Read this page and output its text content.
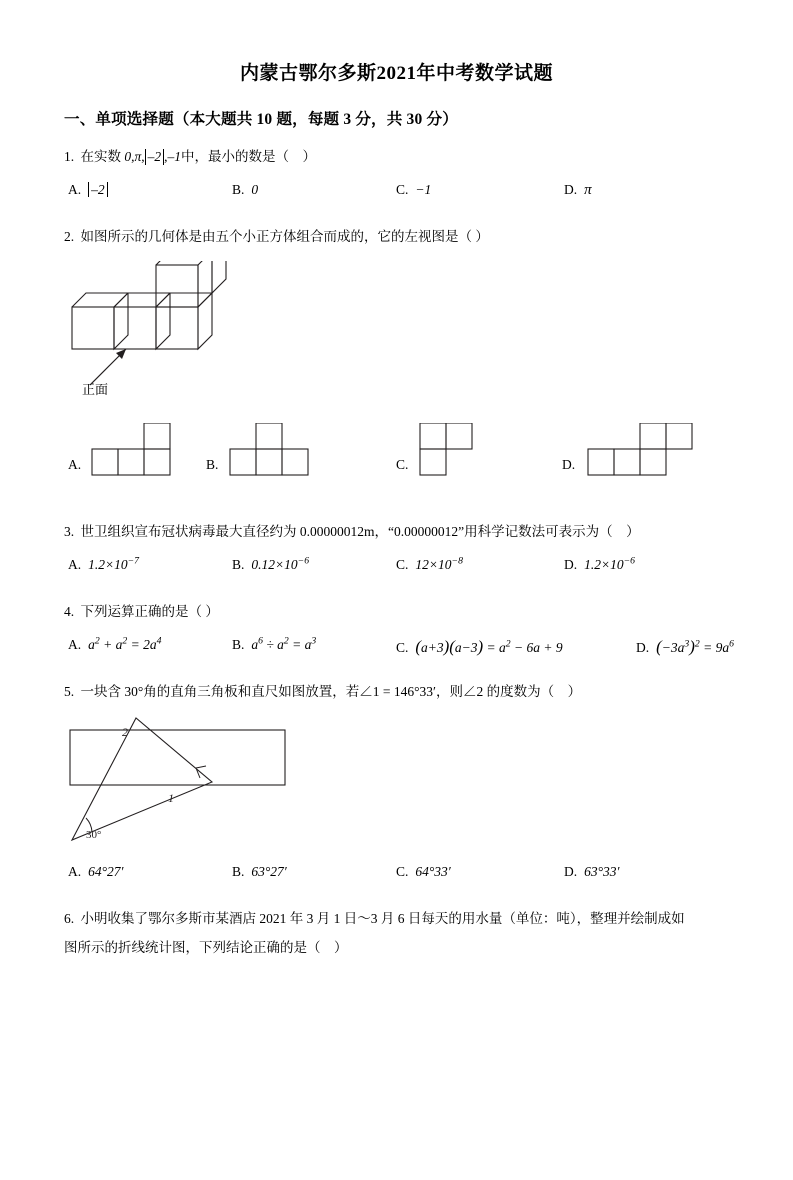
内蒙古鄂尔多斯2021年中考数学试题
一、单项选择题（本大题共 10 题，每题 3 分，共 30 分）
1. 在实数 0,π, –2 ,–1中，最小的数是（    ）
A. –2	B. 0	C. −1	D. π
2. 如图所示的几何体是由五个小正方体组合而成的，它的左视图是（ ）
正面
A.	B.	C.	D.
3. 世卫组织宣布冠状病毒最大直径约为 0.00000012m，“0.00000012”用科学记数法可表示为（    ）
A. $1.2\times 10^{-7}$	B. $0.12\times 10^{-6}$	C. $12\times 10^{-8}$	D. $1.2\times 10^{-6}$
4. 下列运算正确的是（ ）
A. $a^2 + a^2 = 2a^4$	B. $a^6 \div a^2 = a^3$	C. $(a+3)(a-3) = a^2 - 6a + 9$	D. $(-3a^3)^2 = 9a^6$
5. 一块含 30°角的直角三角板和直尺如图放置，若∠1 = 146°33′，则∠2 的度数为（    ）
2
1
30°
A. 64°27′	B. 63°27′	C. 64°33′	D. 63°33′
6. 小明收集了鄂尔多斯市某酒店 2021 年 3 月 1 日～3 月 6 日每天的用水量（单位：吨），整理并绘制成如
图所示的折线统计图，下列结论正确的是（    ）
